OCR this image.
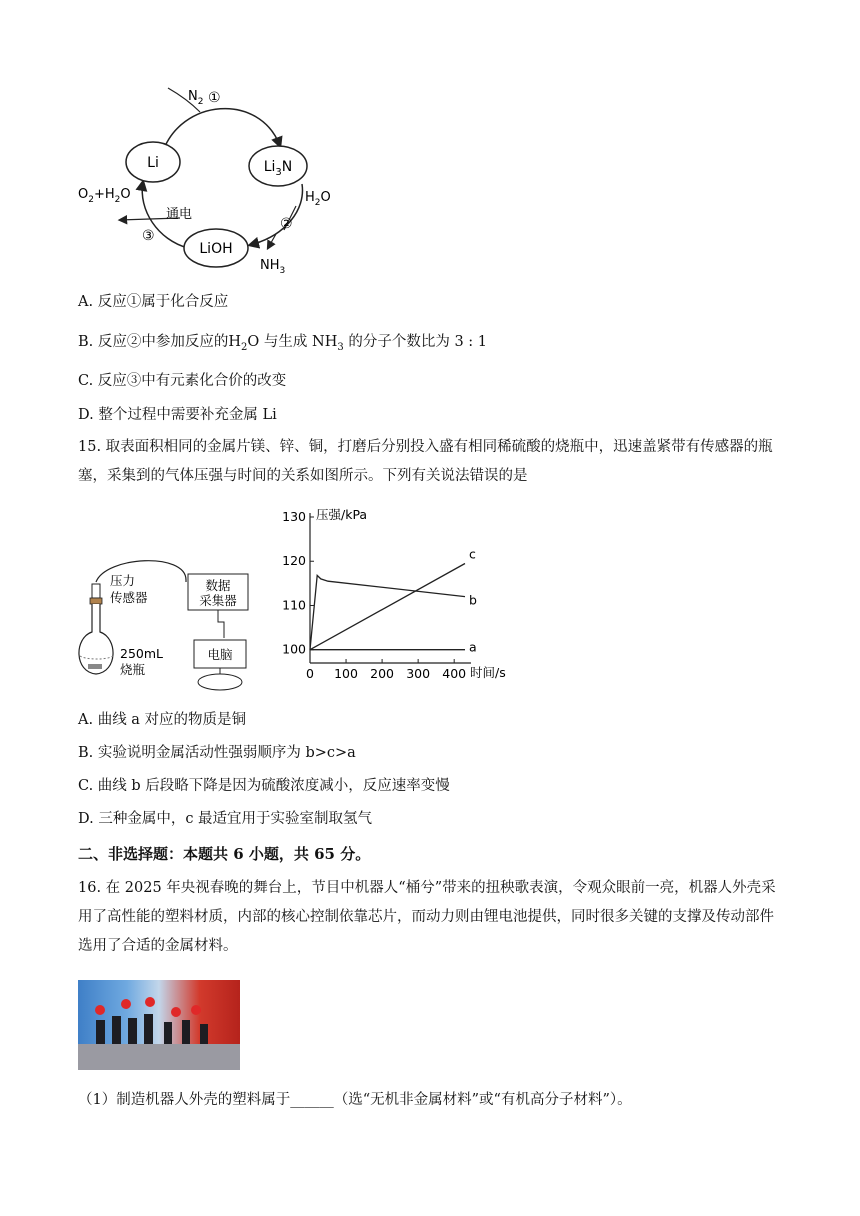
Li	$Li_3N$
LiOH
$N_2$ ①
$H_2O$
②
$NH_3$
$O_2+H_2O$
通电
③
A. 反应①属于化合反应
B. 反应②中参加反应的$H_2O$ 与生成 $NH_3$ 的分子个数比为 3 : 1
C. 反应③中有元素化合价的改变
D. 整个过程中需要补充金属 Li
15. 取表面积相同的金属片镁、锌、铜，打磨后分别投入盛有相同稀硫酸的烧瓶中，迅速盖紧带有传感器的瓶塞，采集到的气体压强与时间的关系如图所示。下列有关说法错误的是
压力
传感器
250mL
烧瓶
数据
采集器
电脑	100
110
120
130
0 100 200 300 400
a
b
c
压强/kPa
时间/s
A. 曲线 a 对应的物质是铜
B. 实验说明金属活动性强弱顺序为 b>c>a
C. 曲线 b 后段略下降是因为硫酸浓度减小，反应速率变慢
D. 三种金属中，c 最适宜用于实验室制取氢气
二、非选择题：本题共 6 小题，共 65 分。
16. 在 2025 年央视春晚的舞台上，节目中机器人“桶兮”带来的扭秧歌表演，令观众眼前一亮，机器人外壳采用了高性能的塑料材质，内部的核心控制依靠芯片，而动力则由锂电池提供，同时很多关键的支撑及传动部件选用了合适的金属材料。
（1）制造机器人外壳的塑料属于______（选“无机非金属材料”或“有机高分子材料”）。
